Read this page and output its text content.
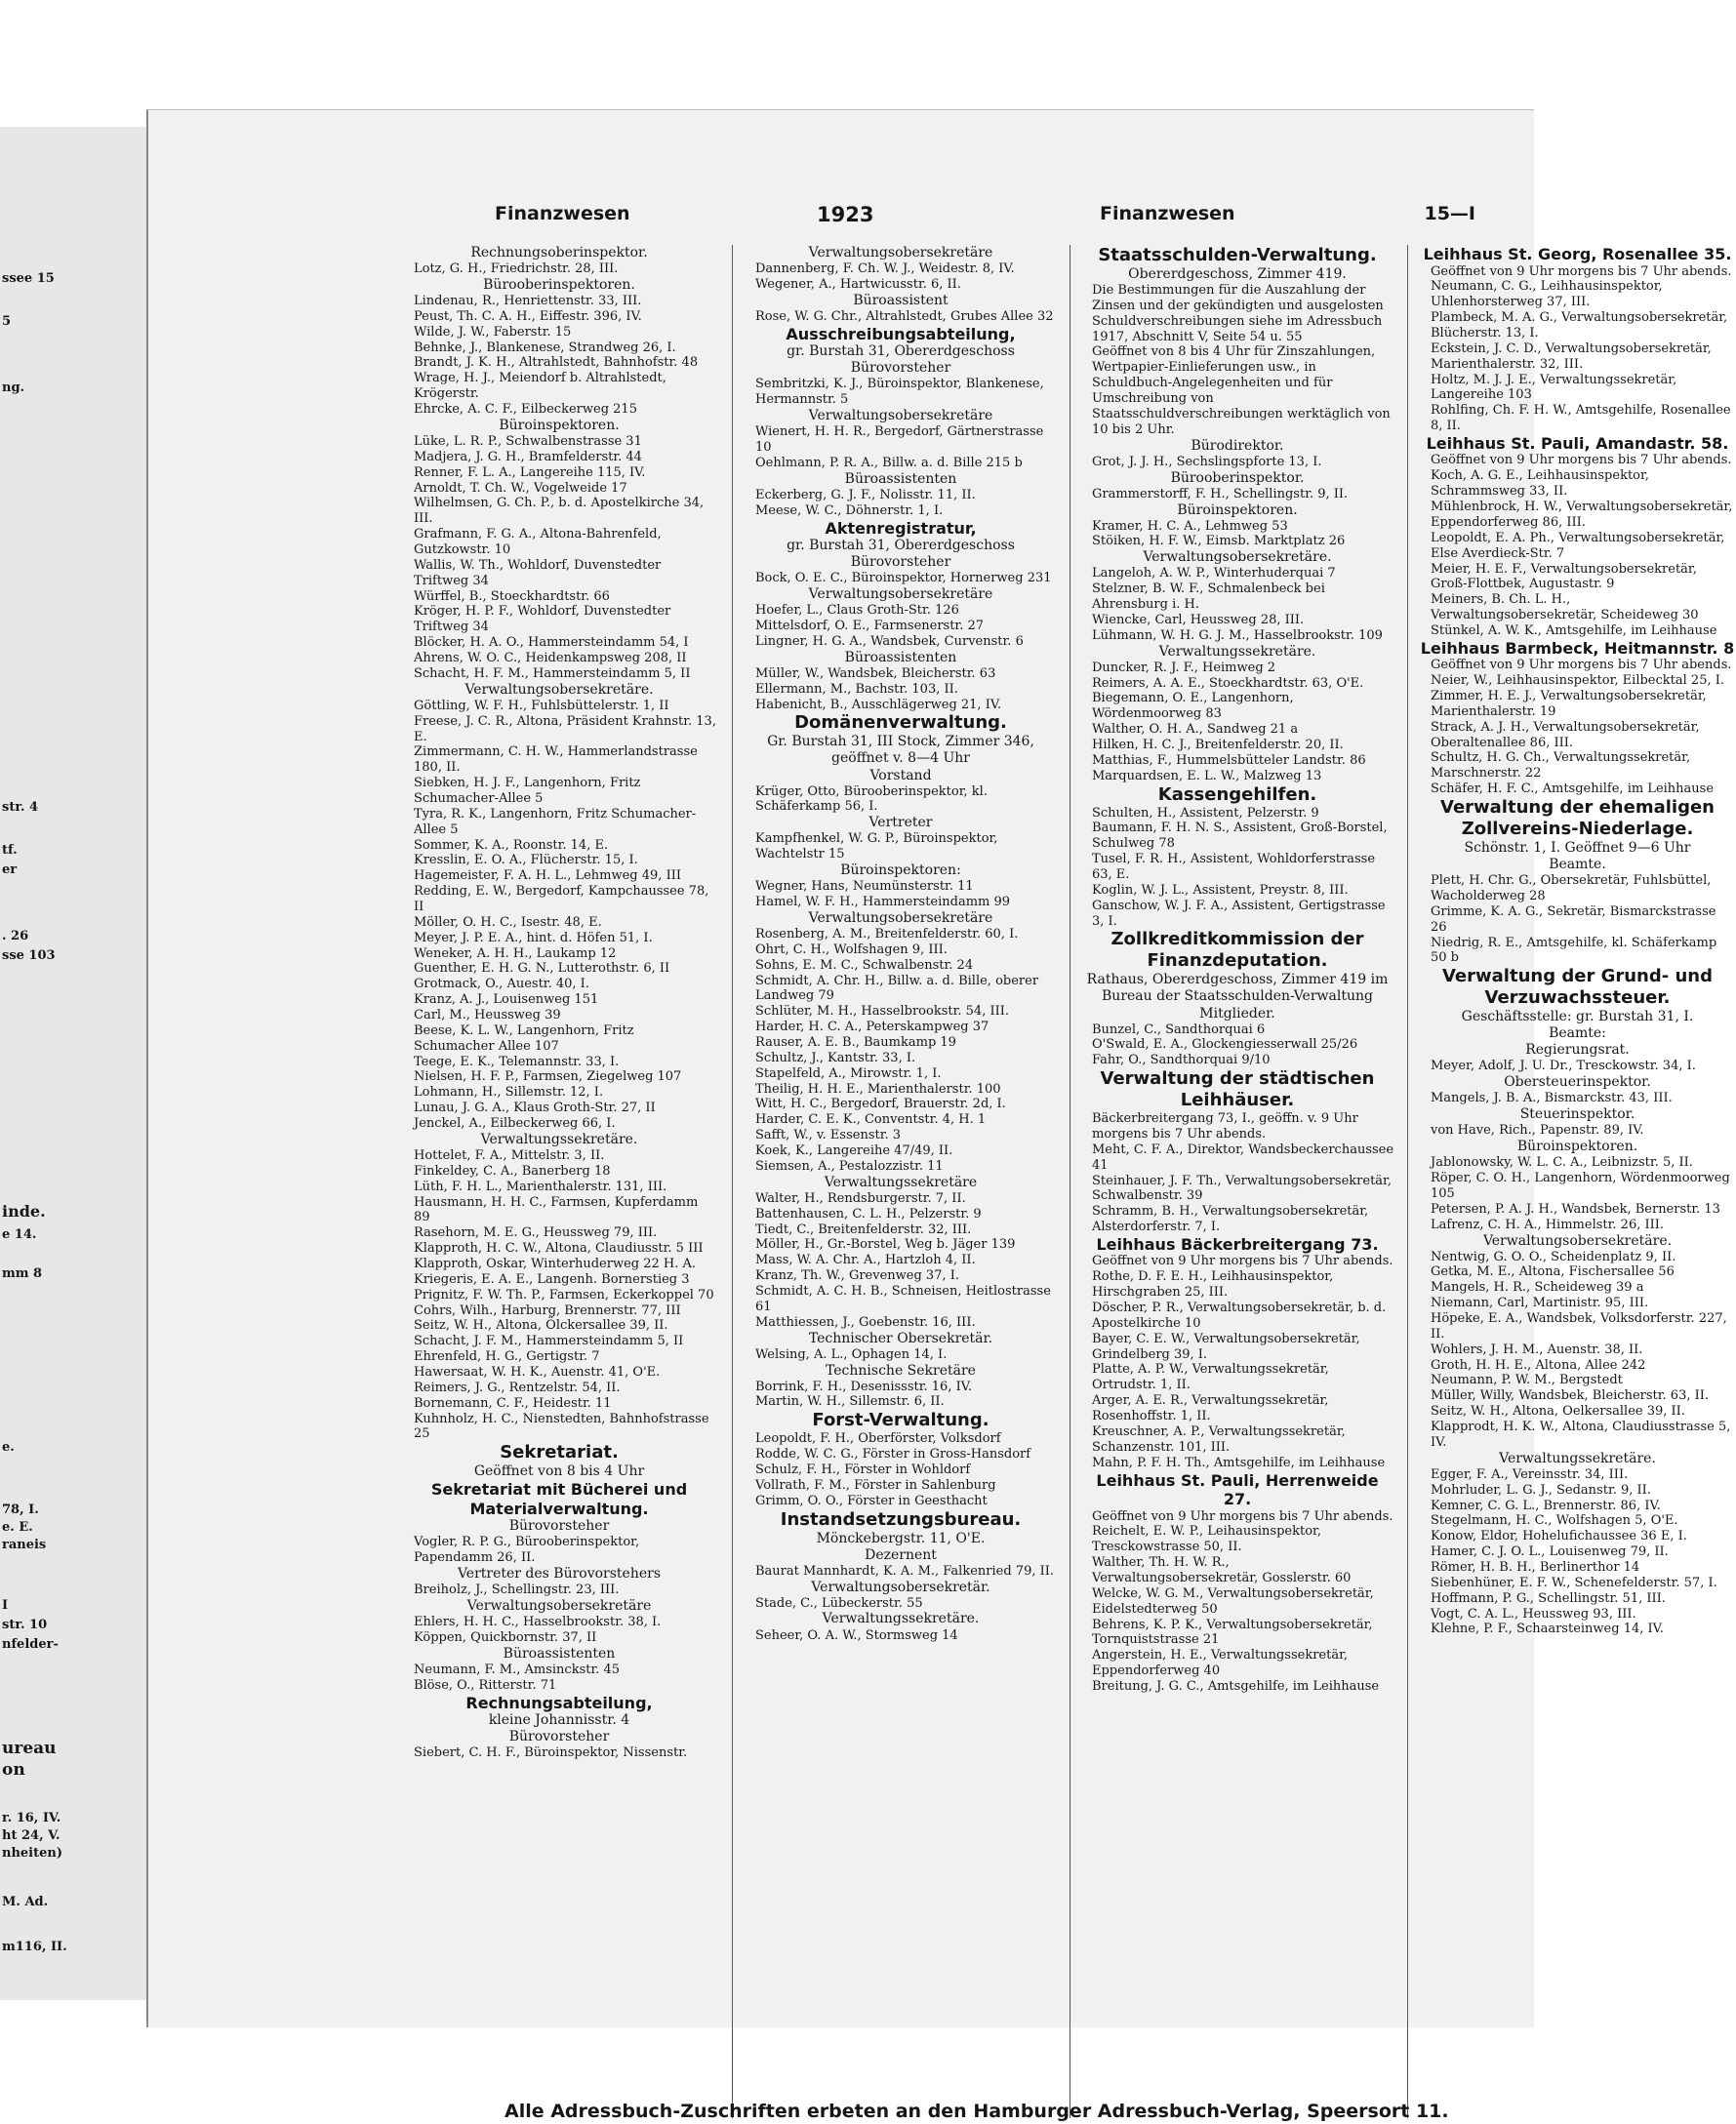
ssee 15
5
ng.
str. 4
tf.
er
. 26
sse 103
inde.
e 14.
mm 8
e.
78, I.
e. E.
raneis
I
str. 10
nfelder-
ureau
on
r. 16, IV.
ht 24, V.
nheiten)
M. Ad.
m116, II.
Finanzwesen	1923	Finanzwesen	15—I

Rechnungsoberinspektor.

Lotz, G. H., Friedrichstr. 28, III.

Bürooberinspektoren.

Lindenau, R., Henriettenstr. 33, III.

Peust, Th. C. A. H., Eiffestr. 396, IV.

Wilde, J. W., Faberstr. 15

Behnke, J., Blankenese, Strandweg 26, I.

Brandt, J. K. H., Altrahlstedt, Bahnhofstr. 48

Wrage, H. J., Meiendorf b. Altrahlstedt, Krögerstr.

Ehrcke, A. C. F., Eilbeckerweg 215

Büroinspektoren.

Lüke, L. R. P., Schwalbenstrasse 31

Madjera, J. G. H., Bramfelderstr. 44

Renner, F. L. A., Langereihe 115, IV.

Arnoldt, T. Ch. W., Vogelweide 17

Wilhelmsen, G. Ch. P., b. d. Apostelkirche 34, III.

Grafmann, F. G. A., Altona-Bahrenfeld, Gutzkowstr. 10

Wallis, W. Th., Wohldorf, Duvenstedter Triftweg 34

Würffel, B., Stoeckhardtstr. 66

Kröger, H. P. F., Wohldorf, Duvenstedter Triftweg 34

Blöcker, H. A. O., Hammersteindamm 54, I

Ahrens, W. O. C., Heidenkampsweg 208, II

Schacht, H. F. M., Hammersteindamm 5, II

Verwaltungsobersekretäre.

Göttling, W. F. H., Fuhlsbüttelerstr. 1, II

Freese, J. C. R., Altona, Präsident Krahnstr. 13, E.

Zimmermann, C. H. W., Hammerlandstrasse 180, II.

Siebken, H. J. F., Langenhorn, Fritz Schumacher-Allee 5

Tyra, R. K., Langenhorn, Fritz Schumacher-Allee 5

Sommer, K. A., Roonstr. 14, E.

Kresslin, E. O. A., Flücherstr. 15, I.

Hagemeister, F. A. H. L., Lehmweg 49, III

Redding, E. W., Bergedorf, Kampchaussee 78, II

Möller, O. H. C., Isestr. 48, E.

Meyer, J. P. E. A., hint. d. Höfen 51, I.

Weneker, A. H. H., Laukamp 12

Guenther, E. H. G. N., Lutterothstr. 6, II

Grotmack, O., Auestr. 40, I.

Kranz, A. J., Louisenweg 151

Carl, M., Heussweg 39

Beese, K. L. W., Langenhorn, Fritz Schumacher Allee 107

Teege, E. K., Telemannstr. 33, I.

Nielsen, H. F. P., Farmsen, Ziegelweg 107

Lohmann, H., Sillemstr. 12, I.

Lunau, J. G. A., Klaus Groth-Str. 27, II

Jenckel, A., Eilbeckerweg 66, I.

Verwaltungssekretäre.

Hottelet, F. A., Mittelstr. 3, II.

Finkeldey, C. A., Banerberg 18

Lüth, F. H. L., Marienthalerstr. 131, III.

Hausmann, H. H. C., Farmsen, Kupferdamm 89

Rasehorn, M. E. G., Heussweg 79, III.

Klapproth, H. C. W., Altona, Claudiusstr. 5 III

Klapproth, Oskar, Winterhuderweg 22 H. A.

Kriegeris, E. A. E., Langenh. Bornerstieg 3

Prignitz, F. W. Th. P., Farmsen, Eckerkoppel 70

Cohrs, Wilh., Harburg, Brennerstr. 77, III

Seitz, W. H., Altona, Ölckersallee 39, II.

Schacht, J. F. M., Hammersteindamm 5, II

Ehrenfeld, H. G., Gertigstr. 7

Hawersaat, W. H. K., Auenstr. 41, O'E.

Reimers, J. G., Rentzelstr. 54, II.

Bornemann, C. F., Heidestr. 11

Kuhnholz, H. C., Nienstedten, Bahnhofstrasse 25

Sekretariat.

Geöffnet von 8 bis 4 Uhr

Sekretariat mit Bücherei und Materialverwaltung.

Bürovorsteher

Vogler, R. P. G., Bürooberinspektor, Papendamm 26, II.

Vertreter des Bürovorstehers

Breiholz, J., Schellingstr. 23, III.

Verwaltungsobersekretäre

Ehlers, H. H. C., Hasselbrookstr. 38, I.

Köppen, Quickbornstr. 37, II

Büroassistenten

Neumann, F. M., Amsinckstr. 45

Blöse, O., Ritterstr. 71

Rechnungsabteilung,

kleine Johannisstr. 4

Bürovorsteher

Siebert, C. H. F., Büroinspektor, Nissenstr.

Verwaltungsobersekretäre

Dannenberg, F. Ch. W. J., Weidestr. 8, IV.

Wegener, A., Hartwicusstr. 6, II.

Büroassistent

Rose, W. G. Chr., Altrahlstedt, Grubes Allee 32

Ausschreibungsabteilung,

gr. Burstah 31, Obererdgeschoss

Bürovorsteher

Sembritzki, K. J., Büroinspektor, Blankenese, Hermannstr. 5

Verwaltungsobersekretäre

Wienert, H. H. R., Bergedorf, Gärtnerstrasse 10

Oehlmann, P. R. A., Billw. a. d. Bille 215 b

Büroassistenten

Eckerberg, G. J. F., Nolisstr. 11, II.

Meese, W. C., Döhnerstr. 1, I.

Aktenregistratur,

gr. Burstah 31, Obererdgeschoss

Bürovorsteher

Bock, O. E. C., Büroinspektor, Hornerweg 231

Verwaltungsobersekretäre

Hoefer, L., Claus Groth-Str. 126

Mittelsdorf, O. E., Farmsenerstr. 27

Lingner, H. G. A., Wandsbek, Curvenstr. 6

Büroassistenten

Müller, W., Wandsbek, Bleicherstr. 63

Ellermann, M., Bachstr. 103, II.

Habenicht, B., Ausschlägerweg 21, IV.

Domänenverwaltung.

Gr. Burstah 31, III Stock, Zimmer 346, geöffnet v. 8—4 Uhr

Vorstand

Krüger, Otto, Bürooberinspektor, kl. Schäferkamp 56, I.

Vertreter

Kampfhenkel, W. G. P., Büroinspektor, Wachtelstr 15

Büroinspektoren:

Wegner, Hans, Neumünsterstr. 11

Hamel, W. F. H., Hammersteindamm 99

Verwaltungsobersekretäre

Rosenberg, A. M., Breitenfelderstr. 60, I.

Ohrt, C. H., Wolfshagen 9, III.

Sohns, E. M. C., Schwalbenstr. 24

Schmidt, A. Chr. H., Billw. a. d. Bille, oberer Landweg 79

Schlüter, M. H., Hasselbrookstr. 54, III.

Harder, H. C. A., Peterskampweg 37

Rauser, A. E. B., Baumkamp 19

Schultz, J., Kantstr. 33, I.

Stapelfeld, A., Mirowstr. 1, I.

Theilig, H. H. E., Marienthalerstr. 100

Witt, H. C., Bergedorf, Brauerstr. 2d, I.

Harder, C. E. K., Conventstr. 4, H. 1

Safft, W., v. Essenstr. 3

Koek, K., Langereihe 47/49, II.

Siemsen, A., Pestalozzistr. 11

Verwaltungssekretäre

Walter, H., Rendsburgerstr. 7, II.

Battenhausen, C. L. H., Pelzerstr. 9

Tiedt, C., Breitenfelderstr. 32, III.

Möller, H., Gr.-Borstel, Weg b. Jäger 139

Mass, W. A. Chr. A., Hartzloh 4, II.

Kranz, Th. W., Grevenweg 37, I.

Schmidt, A. C. H. B., Schneisen, Heitlostrasse 61

Matthiessen, J., Goebenstr. 16, III.

Technischer Obersekretär.

Welsing, A. L., Ophagen 14, I.

Technische Sekretäre

Borrink, F. H., Desenissstr. 16, IV.

Martin, W. H., Sillemstr. 6, II.

Forst-Verwaltung.

Leopoldt, F. H., Oberförster, Volksdorf

Rodde, W. C. G., Förster in Gross-Hansdorf

Schulz, F. H., Förster in Wohldorf

Vollrath, F. M., Förster in Sahlenburg

Grimm, O. O., Förster in Geesthacht

Instandsetzungsbureau.

Mönckebergstr. 11, O'E.

Dezernent

Baurat Mannhardt, K. A. M., Falkenried 79, II.

Verwaltungsobersekretär.

Stade, C., Lübeckerstr. 55

Verwaltungssekretäre.

Seheer, O. A. W., Stormsweg 14

Staatsschulden-Verwaltung.

Obererdgeschoss, Zimmer 419.

Die Bestimmungen für die Auszahlung der Zinsen und der gekündigten und ausgelosten Schuldverschreibungen siehe im Adressbuch 1917, Abschnitt V, Seite 54 u. 55

Geöffnet von 8 bis 4 Uhr für Zinszahlungen, Wertpapier-Einlieferungen usw., in Schuldbuch-Angelegenheiten und für Umschreibung von Staatsschuldverschreibungen werktäglich von 10 bis 2 Uhr.

Bürodirektor.

Grot, J. J. H., Sechslingspforte 13, I.

Bürooberinspektor.

Grammerstorff, F. H., Schellingstr. 9, II.

Büroinspektoren.

Kramer, H. C. A., Lehmweg 53

Stöiken, H. F. W., Eimsb. Marktplatz 26

Verwaltungsobersekretäre.

Langeloh, A. W. P., Winterhuderquai 7

Stelzner, B. W. F., Schmalenbeck bei Ahrensburg i. H.

Wiencke, Carl, Heussweg 28, III.

Lühmann, W. H. G. J. M., Hasselbrookstr. 109

Verwaltungssekretäre.

Duncker, R. J. F., Heimweg 2

Reimers, A. A. E., Stoeckhardtstr. 63, O'E.

Biegemann, O. E., Langenhorn, Wördenmoorweg 83

Walther, O. H. A., Sandweg 21 a

Hilken, H. C. J., Breitenfelderstr. 20, II.

Matthias, F., Hummelsbütteler Landstr. 86

Marquardsen, E. L. W., Malzweg 13

Kassengehilfen.

Schulten, H., Assistent, Pelzerstr. 9

Baumann, F. H. N. S., Assistent, Groß-Borstel, Schulweg 78

Tusel, F. R. H., Assistent, Wohldorferstrasse 63, E.

Koglin, W. J. L., Assistent, Preystr. 8, III.

Ganschow, W. J. F. A., Assistent, Gertigstrasse 3, I.

Zollkreditkommission der Finanzdeputation.

Rathaus, Obererdgeschoss, Zimmer 419 im Bureau der Staatsschulden-Verwaltung

Mitglieder.

Bunzel, C., Sandthorquai 6

O'Swald, E. A., Glockengiesserwall 25/26

Fahr, O., Sandthorquai 9/10

Verwaltung der städtischen Leihhäuser.

Bäckerbreitergang 73, I., geöffn. v. 9 Uhr morgens bis 7 Uhr abends.

Meht, C. F. A., Direktor, Wandsbeckerchaussee 41

Steinhauer, J. F. Th., Verwaltungsobersekretär, Schwalbenstr. 39

Schramm, B. H., Verwaltungsobersekretär, Alsterdorferstr. 7, I.

Leihhaus Bäckerbreitergang 73.

Geöffnet von 9 Uhr morgens bis 7 Uhr abends.

Rothe, D. F. E. H., Leihhausinspektor, Hirschgraben 25, III.

Döscher, P. R., Verwaltungsobersekretär, b. d. Apostelkirche 10

Bayer, C. E. W., Verwaltungsobersekretär, Grindelberg 39, I.

Platte, A. P. W., Verwaltungssekretär, Ortrudstr. 1, II.

Arger, A. E. R., Verwaltungssekretär, Rosenhoffstr. 1, II.

Kreuschner, A. P., Verwaltungssekretär, Schanzenstr. 101, III.

Mahn, P. F. H. Th., Amtsgehilfe, im Leihhause

Leihhaus St. Pauli, Herrenweide 27.

Geöffnet von 9 Uhr morgens bis 7 Uhr abends.

Reichelt, E. W. P., Leihausinspektor, Tresckowstrasse 50, II.

Walther, Th. H. W. R., Verwaltungsobersekretär, Gosslerstr. 60

Welcke, W. G. M., Verwaltungsobersekretär, Eidelstedterweg 50

Behrens, K. P. K., Verwaltungsobersekretär, Tornquiststrasse 21

Angerstein, H. E., Verwaltungssekretär, Eppendorferweg 40

Breitung, J. G. C., Amtsgehilfe, im Leihhause

Leihhaus St. Georg, Rosenallee 35.

Geöffnet von 9 Uhr morgens bis 7 Uhr abends.

Neumann, C. G., Leihhausinspektor, Uhlenhorsterweg 37, III.

Plambeck, M. A. G., Verwaltungsobersekretär, Blücherstr. 13, I.

Eckstein, J. C. D., Verwaltungsobersekretär, Marienthalerstr. 32, III.

Holtz, M. J. J. E., Verwaltungssekretär, Langereihe 103

Rohlfing, Ch. F. H. W., Amtsgehilfe, Rosenallee 8, II.

Leihhaus St. Pauli, Amandastr. 58.

Geöffnet von 9 Uhr morgens bis 7 Uhr abends.

Koch, A. G. E., Leihhausinspektor, Schrammsweg 33, II.

Mühlenbrock, H. W., Verwaltungsobersekretär, Eppendorferweg 86, III.

Leopoldt, E. A. Ph., Verwaltungsobersekretär, Else Averdieck-Str. 7

Meier, H. E. F., Verwaltungsobersekretär, Groß-Flottbek, Augustastr. 9

Meiners, B. Ch. L. H., Verwaltungsobersekretär, Scheideweg 30

Stünkel, A. W. K., Amtsgehilfe, im Leihhause

Leihhaus Barmbeck, Heitmannstr. 8

Geöffnet von 9 Uhr morgens bis 7 Uhr abends.

Neier, W., Leihhausinspektor, Eilbecktal 25, I.

Zimmer, H. E. J., Verwaltungsobersekretär, Marienthalerstr. 19

Strack, A. J. H., Verwaltungsobersekretär, Oberaltenallee 86, III.

Schultz, H. G. Ch., Verwaltungssekretär, Marschnerstr. 22

Schäfer, H. F. C., Amtsgehilfe, im Leihhause

Verwaltung der ehemaligen Zollvereins-Niederlage.

Schönstr. 1, I. Geöffnet 9—6 Uhr

Beamte.

Plett, H. Chr. G., Obersekretär, Fuhlsbüttel, Wacholderweg 28

Grimme, K. A. G., Sekretär, Bismarckstrasse 26

Niedrig, R. E., Amtsgehilfe, kl. Schäferkamp 50 b

Verwaltung der Grund- und Verzuwachssteuer.

Geschäftsstelle: gr. Burstah 31, I.

Beamte:

Regierungsrat.

Meyer, Adolf, J. U. Dr., Tresckowstr. 34, I.

Obersteuerinspektor.

Mangels, J. B. A., Bismarckstr. 43, III.

Steuerinspektor.

von Have, Rich., Papenstr. 89, IV.

Büroinspektoren.

Jablonowsky, W. L. C. A., Leibnizstr. 5, II.

Röper, C. O. H., Langenhorn, Wördenmoorweg 105

Petersen, P. A. J. H., Wandsbek, Bernerstr. 13

Lafrenz, C. H. A., Himmelstr. 26, III.

Verwaltungsobersekretäre.

Nentwig, G. O. O., Scheidenplatz 9, II.

Getka, M. E., Altona, Fischersallee 56

Mangels, H. R., Scheideweg 39 a

Niemann, Carl, Martinistr. 95, III.

Höpeke, E. A., Wandsbek, Volksdorferstr. 227, II.

Wohlers, J. H. M., Auenstr. 38, II.

Groth, H. H. E., Altona, Allee 242

Neumann, P. W. M., Bergstedt

Müller, Willy, Wandsbek, Bleicherstr. 63, II.

Seitz, W. H., Altona, Oelkersallee 39, II.

Klapprodt, H. K. W., Altona, Claudiusstrasse 5, IV.

Verwaltungssekretäre.

Egger, F. A., Vereinsstr. 34, III.

Mohrluder, L. G. J., Sedanstr. 9, II.

Kemner, C. G. L., Brennerstr. 86, IV.

Stegelmann, H. C., Wolfshagen 5, O'E.

Konow, Eldor, Hohelufichaussee 36 E, I.

Hamer, C. J. O. L., Louisenweg 79, II.

Römer, H. B. H., Berlinerthor 14

Siebenhüner, E. F. W., Schenefelderstr. 57, I.

Hoffmann, P. G., Schellingstr. 51, III.

Vogt, C. A. L., Heussweg 93, III.

Klehne, P. F., Schaarsteinweg 14, IV.

Alle Adressbuch-Zuschriften erbeten an den Hamburger Adressbuch-Verlag, Speersort 11.
